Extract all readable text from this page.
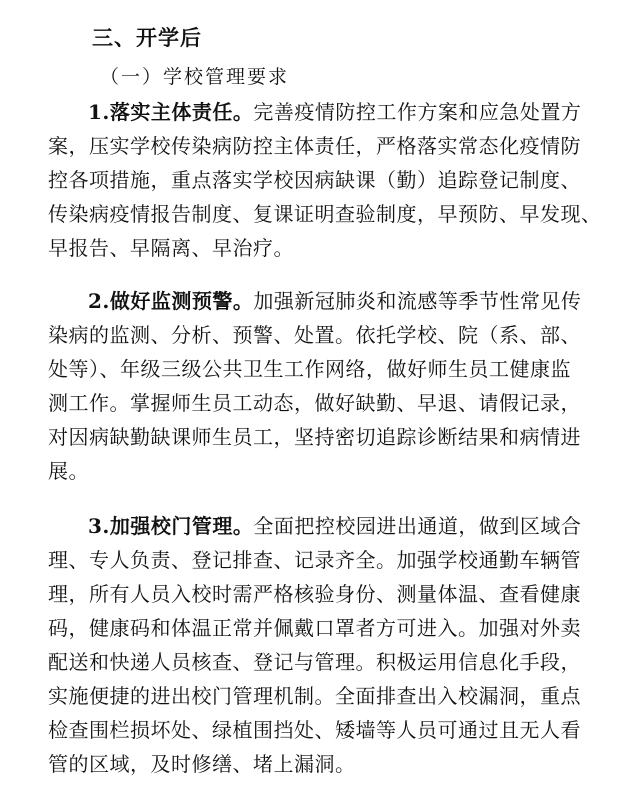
三、开学后
（一）学校管理要求
1.落实主体责任。完善疫情防控工作方案和应急处置方
案，压实学校传染病防控主体责任，严格落实常态化疫情防
控各项措施，重点落实学校因病缺课（勤）追踪登记制度、
传染病疫情报告制度、复课证明查验制度，早预防、早发现、
早报告、早隔离、早治疗。
2.做好监测预警。加强新冠肺炎和流感等季节性常见传
染病的监测、分析、预警、处置。依托学校、院（系、部、
处等）、年级三级公共卫生工作网络，做好师生员工健康监
测工作。掌握师生员工动态，做好缺勤、早退、请假记录，
对因病缺勤缺课师生员工，坚持密切追踪诊断结果和病情进
展。
3.加强校门管理。全面把控校园进出通道，做到区域合
理、专人负责、登记排查、记录齐全。加强学校通勤车辆管
理，所有人员入校时需严格核验身份、测量体温、查看健康
码，健康码和体温正常并佩戴口罩者方可进入。加强对外卖
配送和快递人员核查、登记与管理。积极运用信息化手段，
实施便捷的进出校门管理机制。全面排查出入校漏洞，重点
检查围栏损坏处、绿植围挡处、矮墙等人员可通过且无人看
管的区域，及时修缮、堵上漏洞。
